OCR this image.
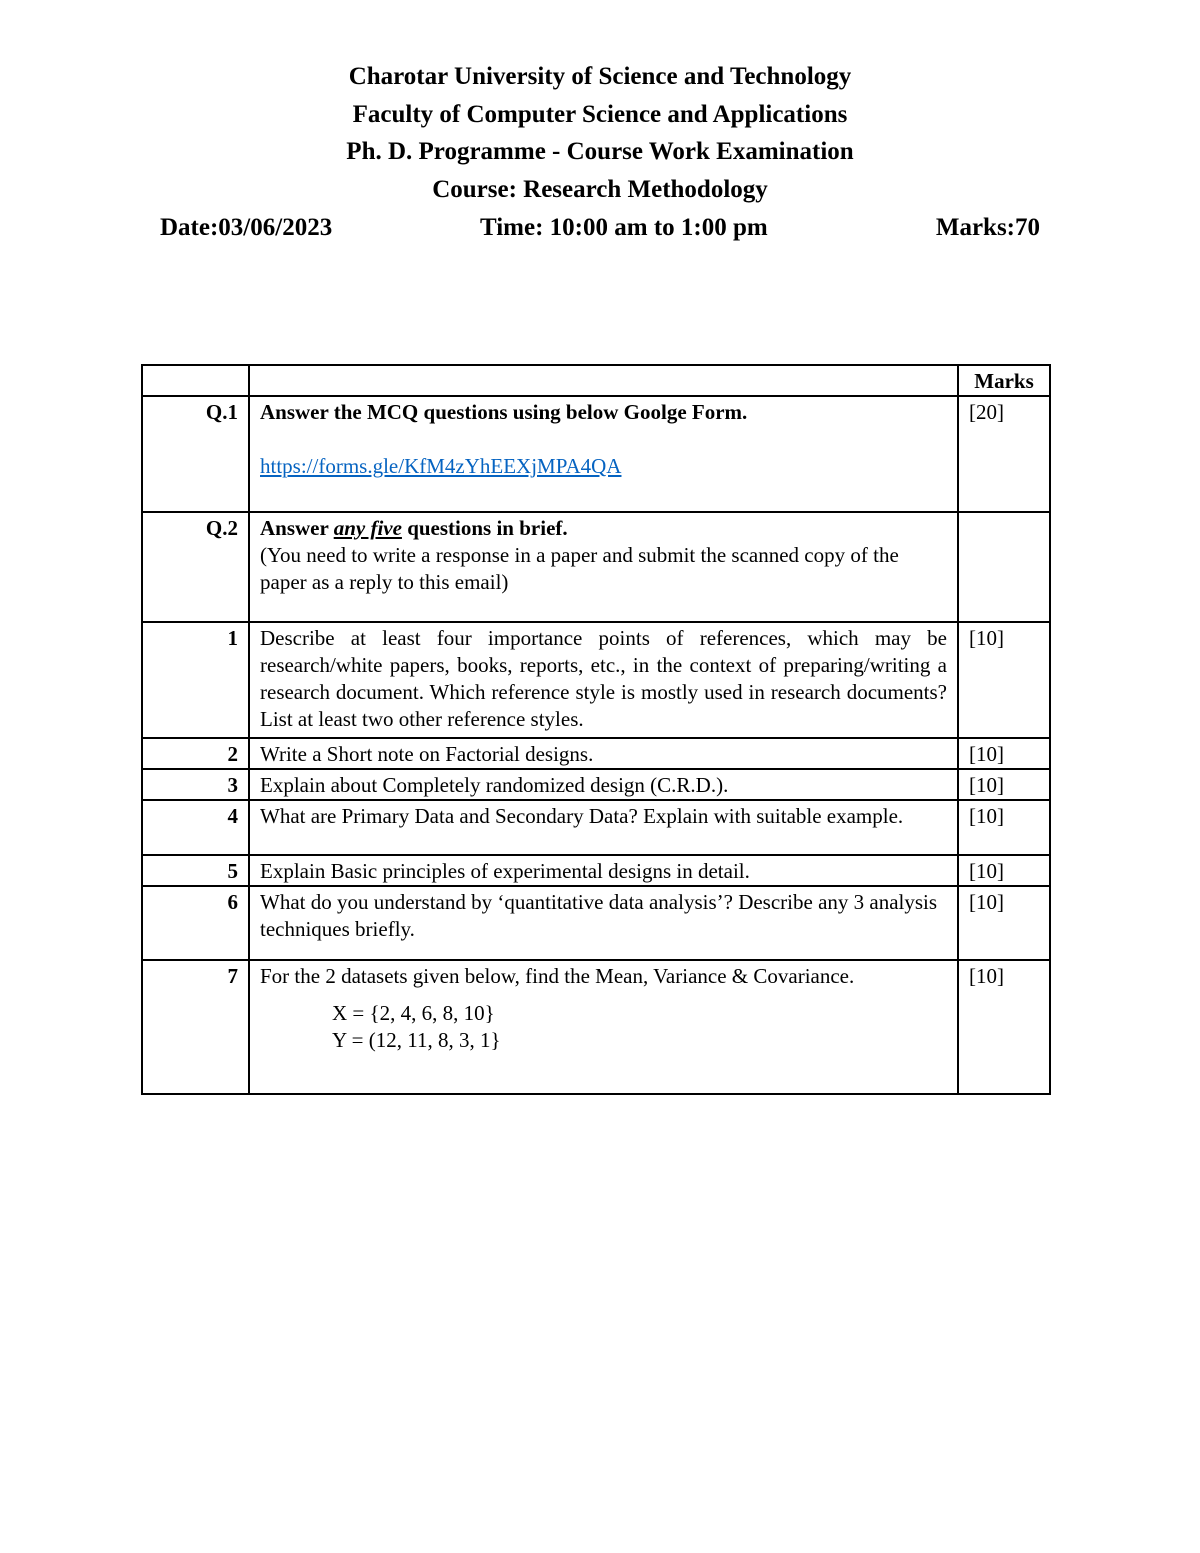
Charotar University of Science and Technology
Faculty of Computer Science and Applications
Ph. D. Programme - Course Work Examination
Course: Research Methodology
Date:03/06/2023	Time: 10:00 am to 1:00 pm	Marks:70
		Marks
Q.1	Answer the MCQ questions using below Goolge Form.
https://forms.gle/KfM4zYhEEXjMPA4QA	[20]
Q.2	Answer any five questions in brief.
(You need to write a response in a paper and submit the scanned copy of the paper as a reply to this email)	

1	Describe at least four importance points of references, which may be research/white papers, books, reports, etc., in the context of preparing/writing a research document. Which reference style is mostly used in research documents? List at least two other reference styles.	[10]
2	Write a Short note on Factorial designs.	[10]
3	Explain about Completely randomized design (C.R.D.).	[10]
4	What are Primary Data and Secondary Data? Explain with suitable example.	[10]
5	Explain Basic principles of experimental designs in detail.	[10]
6	What do you understand by ‘quantitative data analysis’? Describe any 3 analysis techniques briefly.	[10]
7	For the 2 datasets given below, find the Mean, Variance & Covariance.
X = {2, 4, 6, 8, 10}
Y = (12, 11, 8, 3, 1}	[10]
